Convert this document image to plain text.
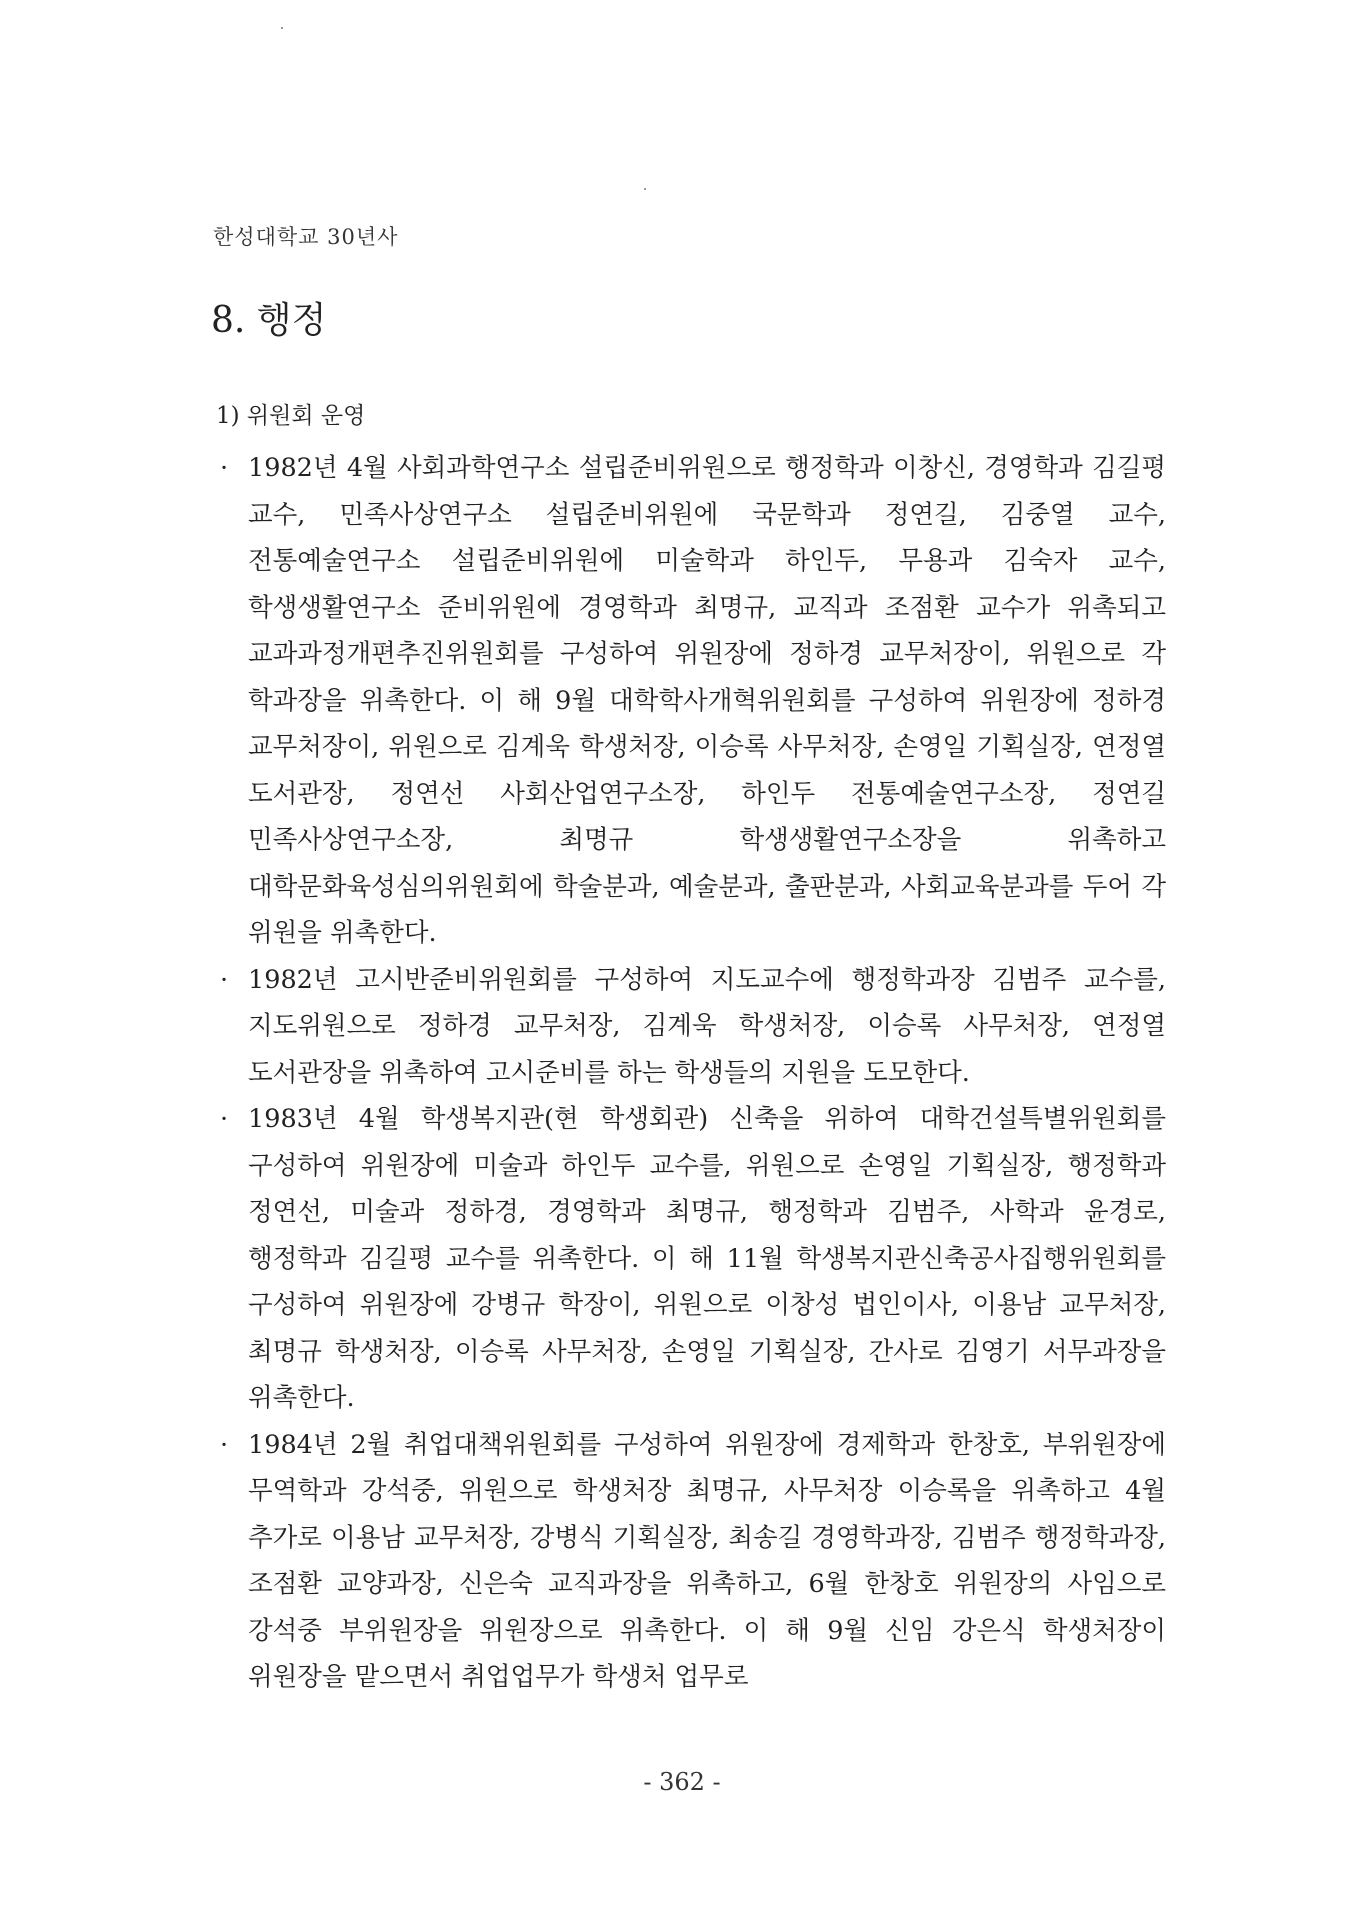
한성대학교 30년사
8. 행정
1) 위원회 운영

· 1982년 4월 사회과학연구소 설립준비위원으로 행정학과 이창신, 경영학과 김길평 교수, 민족사상연구소 설립준비위원에 국문학과 정연길, 김중열 교수, 전통예술연구소 설립준비위원에 미술학과 하인두, 무용과 김숙자 교수, 학생생활연구소 준비위원에 경영학과 최명규, 교직과 조점환 교수가 위촉되고 교과과정개편추진위원회를 구성하여 위원장에 정하경 교무처장이, 위원으로 각 학과장을 위촉한다. 이 해 9월 대학학사개혁위원회를 구성하여 위원장에 정하경 교무처장이, 위원으로 김계욱 학생처장, 이승록 사무처장, 손영일 기획실장, 연정열 도서관장, 정연선 사회산업연구소장, 하인두 전통예술연구소장, 정연길 민족사상연구소장, 최명규 학생생활연구소장을 위촉하고 대학문화육성심의위원회에 학술분과, 예술분과, 출판분과, 사회교육분과를 두어 각 위원을 위촉한다.

· 1982년 고시반준비위원회를 구성하여 지도교수에 행정학과장 김범주 교수를, 지도위원으로 정하경 교무처장, 김계욱 학생처장, 이승록 사무처장, 연정열 도서관장을 위촉하여 고시준비를 하는 학생들의 지원을 도모한다.

· 1983년 4월 학생복지관(현 학생회관) 신축을 위하여 대학건설특별위원회를 구성하여 위원장에 미술과 하인두 교수를, 위원으로 손영일 기획실장, 행정학과 정연선, 미술과 정하경, 경영학과 최명규, 행정학과 김범주, 사학과 윤경로, 행정학과 김길평 교수를 위촉한다. 이 해 11월 학생복지관신축공사집행위원회를 구성하여 위원장에 강병규 학장이, 위원으로 이창성 법인이사, 이용남 교무처장, 최명규 학생처장, 이승록 사무처장, 손영일 기획실장, 간사로 김영기 서무과장을 위촉한다.

· 1984년 2월 취업대책위원회를 구성하여 위원장에 경제학과 한창호, 부위원장에 무역학과 강석중, 위원으로 학생처장 최명규, 사무처장 이승록을 위촉하고 4월 추가로 이용남 교무처장, 강병식 기획실장, 최송길 경영학과장, 김범주 행정학과장, 조점환 교양과장, 신은숙 교직과장을 위촉하고, 6월 한창호 위원장의 사임으로 강석중 부위원장을 위원장으로 위촉한다. 이 해 9월 신임 강은식 학생처장이 위원장을 맡으면서 취업업무가 학생처 업무로

- 362 -
